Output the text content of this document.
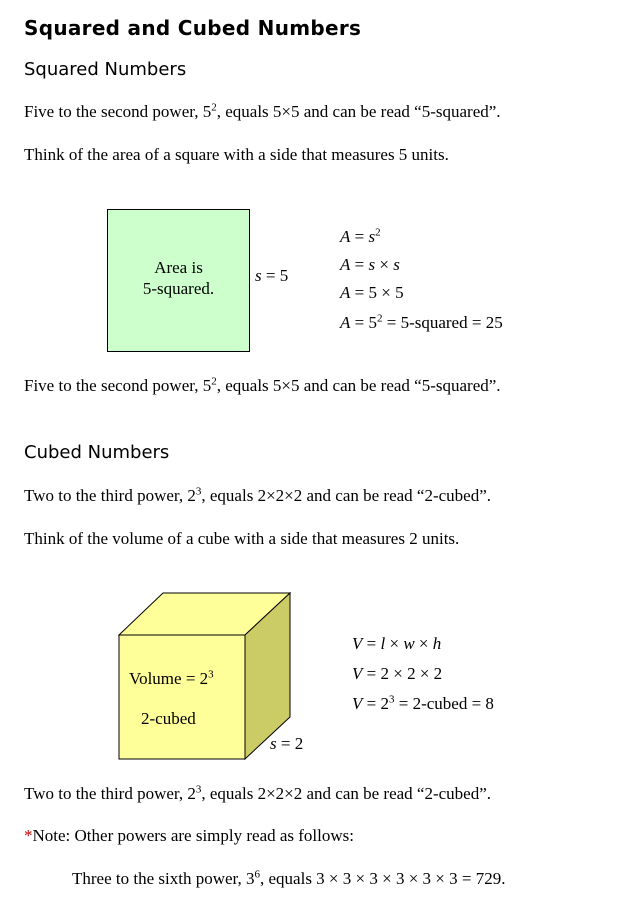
Squared and Cubed Numbers
Squared Numbers
Five to the second power, $5^2$, equals 5×5 and can be read “5-squared”.
Think of the area of a square with a side that measures 5 units.
Area is
5-squared.
s = 5
$A = s^2$
A = s × s
A = 5 × 5
$A = 5^2$ = 5-squared = 25
Five to the second power, $5^2$, equals 5×5 and can be read “5-squared”.
Cubed Numbers
Two to the third power, $2^3$, equals 2×2×2 and can be read “2-cubed”.
Think of the volume of a cube with a side that measures 2 units.
Volume = $2^3$
2-cubed
s = 2
V = l × w × h
V = 2 × 2 × 2
$V = 2^3$ = 2-cubed = 8
Two to the third power, $2^3$, equals 2×2×2 and can be read “2-cubed”.
*Note: Other powers are simply read as follows:
Three to the sixth power, $3^6$, equals 3 × 3 × 3 × 3 × 3 × 3 = 729.
